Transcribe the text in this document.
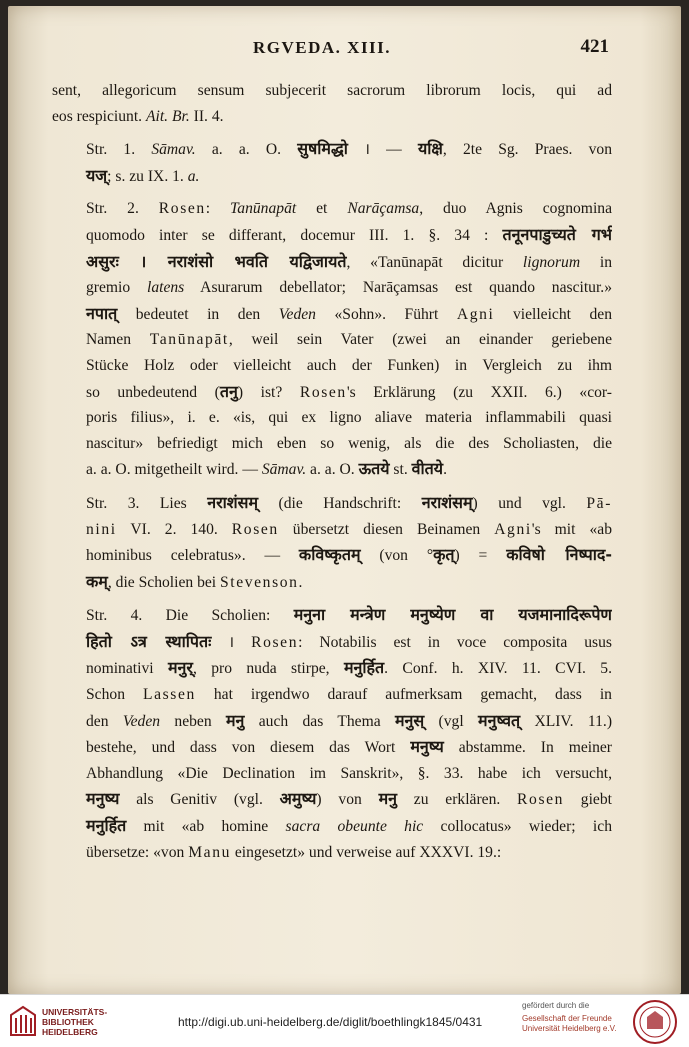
RGVEDA. XIII.	421
sent, allegoricum sensum subjecerit sacrorum librorum locis, qui ad
eos respiciunt. Ait. Br. II. 4.
Str. 1. Sāmav. a. a. O. सुषमिद्धो । — यक्षि, 2te Sg. Praes. von
यज्; s. zu IX. 1. a.
Str. 2. Rosen: Tanūnapāt et Narāçamsa, duo Agnis cognomina
quomodo inter se differant, docemur III. 1. §. 34 : तनूनपाडुच्यते गर्भ
असुरः । नराशंसो भवति यद्विजायते, «Tanūnapāt dicitur lignorum in
gremio latens Asurarum debellator; Narāçamsas est quando nascitur.»
नपात् bedeutet in den Veden «Sohn». Führt Agni vielleicht den
Namen Tanūnapāt, weil sein Vater (zwei an einander geriebene
Stücke Holz oder vielleicht auch der Funken) in Vergleich zu ihm
so unbedeutend (तनु) ist? Rosen's Erklärung (zu XXII. 6.) «cor-
poris filius», i. e. «is, qui ex ligno aliave materia inflammabili quasi
nascitur» befriedigt mich eben so wenig, als die des Scholiasten, die
a. a. O. mitgetheilt wird. — Sāmav. a. a. O. ऊतये st. वीतये.
Str. 3. Lies नराशंसम् (die Handschrift: नराशंसम्) und vgl. Pā-
nini VI. 2. 140. Rosen übersetzt diesen Beinamen Agni's mit «ab
hominibus celebratus». — कविष्कृतम् (von °कृत्) = कविषो निष्पाद-
कम्, die Scholien bei Stevenson.
Str. 4. Die Scholien: मनुना मन्त्रेण मनुष्येण वा यजमानादिरूपेण
हितो ऽत्र स्थापितः । Rosen: Notabilis est in voce composita usus
nominativi मनुर्, pro nuda stirpe, मनुर्हित. Conf. h. XIV. 11. CVI. 5.
Schon Lassen hat irgendwo darauf aufmerksam gemacht, dass in
den Veden neben मनु auch das Thema मनुस् (vgl मनुष्वत् XLIV. 11.)
bestehe, und dass von diesem das Wort मनुष्य abstamme. In meiner
Abhandlung «Die Declination im Sanskrit», §. 33. habe ich versucht,
मनुष्य als Genitiv (vgl. अमुष्य) von मनु zu erklären. Rosen giebt
मनुर्हित mit «ab homine sacra obeunte hic collocatus» wieder; ich
übersetze: «von Manu eingesetzt» und verweise auf XXXVI. 19.:
UNIVERSITÄTS-
BIBLIOTHEK
HEIDELBERG
http://digi.ub.uni-heidelberg.de/diglit/boethlingk1845/0431
gefördert durch die
Gesellschaft der Freunde
Universität Heidelberg e.V.
